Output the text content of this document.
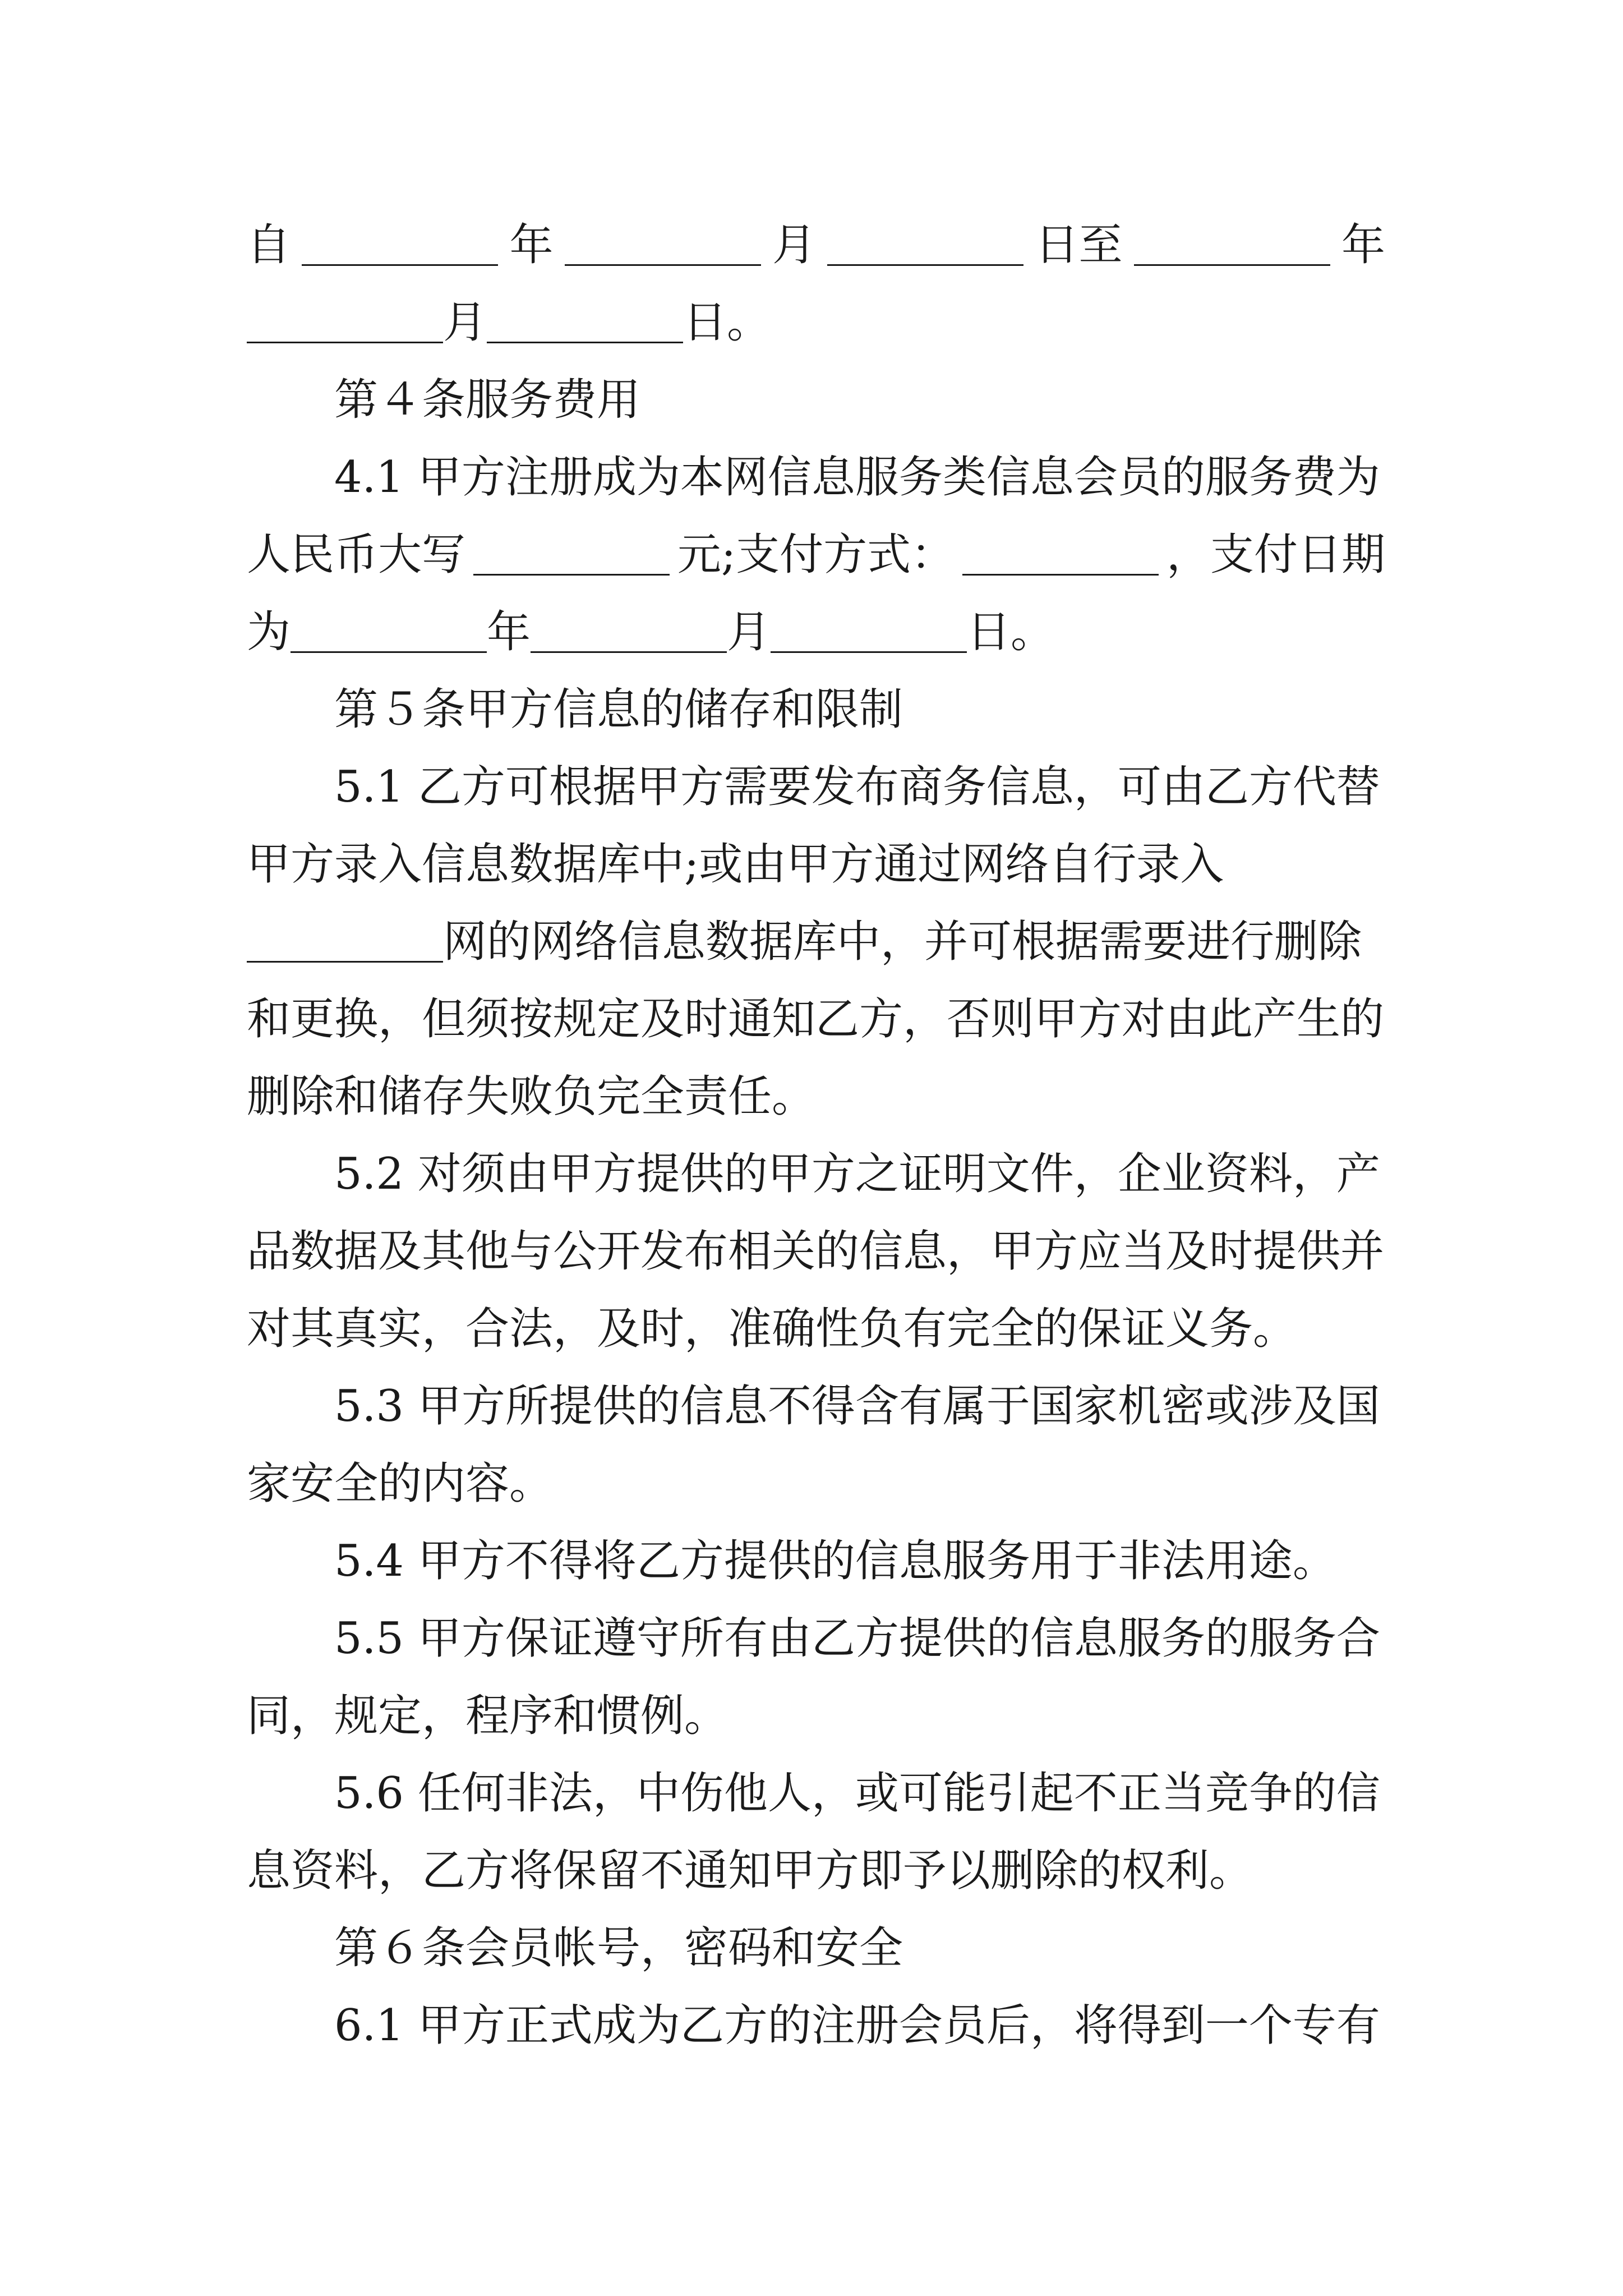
自	年	月	日至	年
月	日。
第４条服务费用
4.1 甲方注册成为本网信息服务类信息会员的服务费为
人民币大写	元;支付方式：	，支付日期
为	年	月	日。
第５条甲方信息的储存和限制
5.1 乙方可根据甲方需要发布商务信息，可由乙方代替
甲方录入信息数据库中;或由甲方通过网络自行录入
网的网络信息数据库中，并可根据需要进行删除
和更换，但须按规定及时通知乙方，否则甲方对由此产生的
删除和储存失败负完全责任。
5.2 对须由甲方提供的甲方之证明文件，企业资料，产
品数据及其他与公开发布相关的信息，甲方应当及时提供并
对其真实，合法，及时，准确性负有完全的保证义务。
5.3 甲方所提供的信息不得含有属于国家机密或涉及国
家安全的内容。
5.4 甲方不得将乙方提供的信息服务用于非法用途。
5.5 甲方保证遵守所有由乙方提供的信息服务的服务合
同，规定，程序和惯例。
5.6 任何非法，中伤他人，或可能引起不正当竞争的信
息资料，乙方将保留不通知甲方即予以删除的权利。
第６条会员帐号，密码和安全
6.1 甲方正式成为乙方的注册会员后，将得到一个专有
